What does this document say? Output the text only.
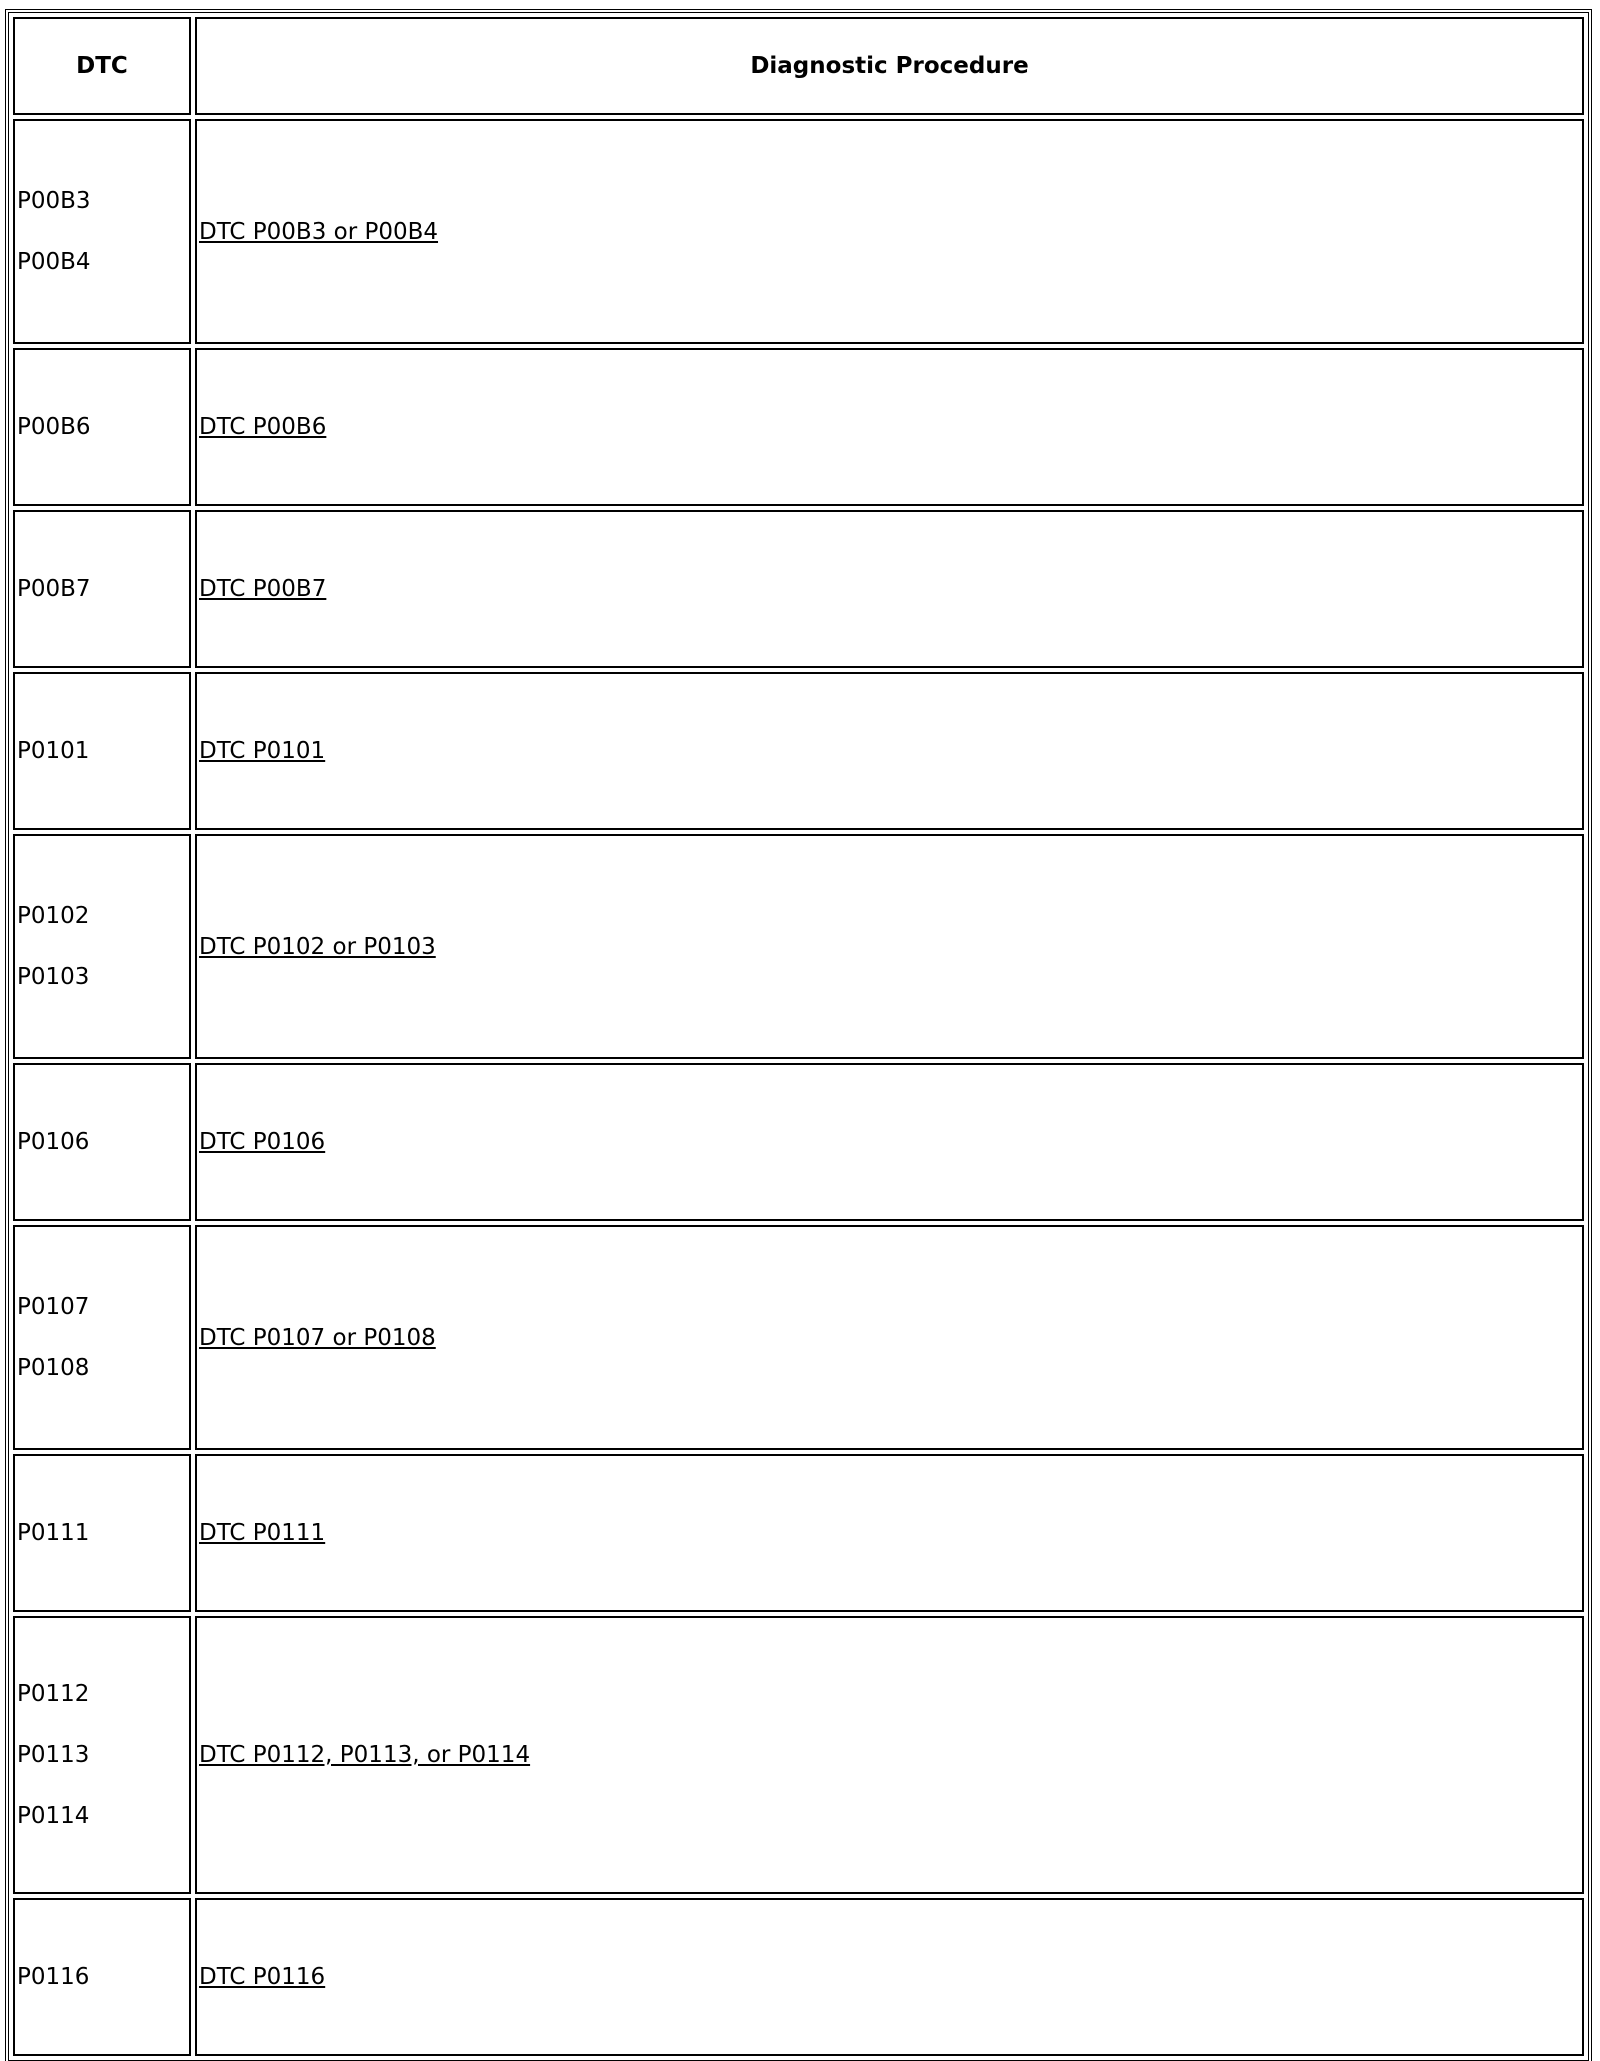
DTC	Diagnostic Procedure

P00B3
P00B4	DTC P00B3 or P00B4

P00B6	DTC P00B6

P00B7	DTC P00B7

P0101	DTC P0101

P0102
P0103	DTC P0102 or P0103

P0106	DTC P0106

P0107
P0108	DTC P0107 or P0108

P0111	DTC P0111

P0112
P0113
P0114	DTC P0112, P0113, or P0114

P0116	DTC P0116
